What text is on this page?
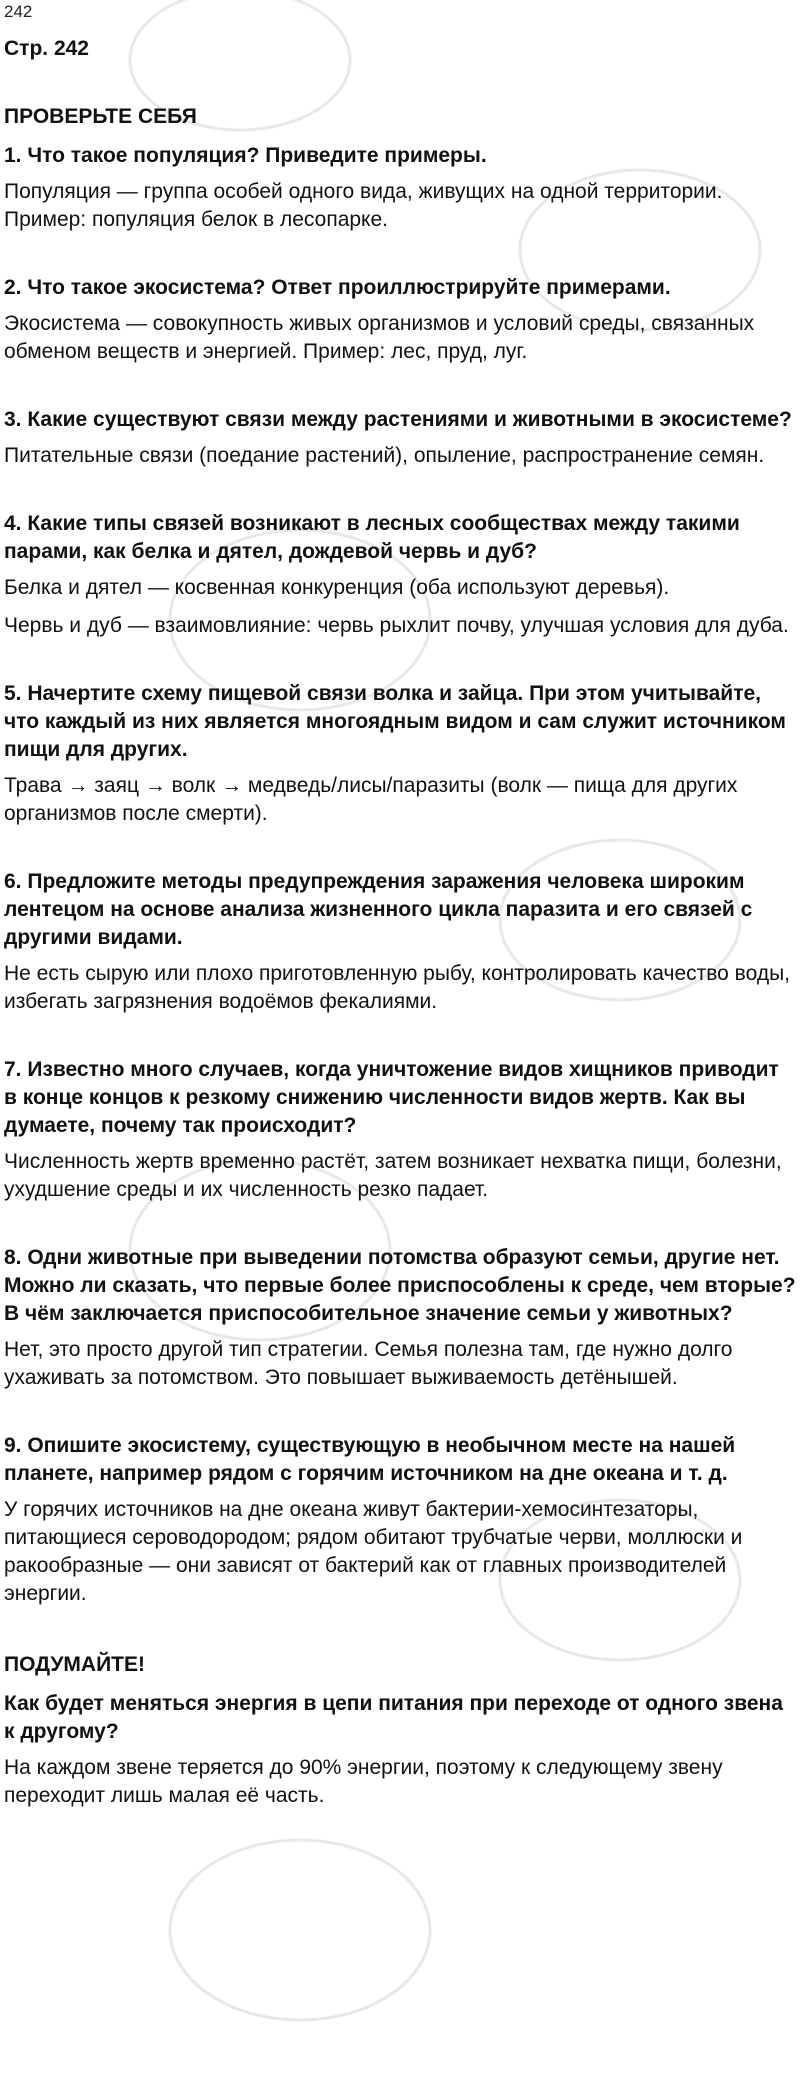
242

Стр. 242

ПРОВЕРЬТЕ СЕБЯ

1. Что такое популяция? Приведите примеры.

Популяция — группа особей одного вида, живущих на одной территории. Пример: популяция белок в лесопарке.

2. Что такое экосистема? Ответ проиллюстрируйте примерами.

Экосистема — совокупность живых организмов и условий среды, связанных обменом веществ и энергией. Пример: лес, пруд, луг.

3. Какие существуют связи между растениями и животными в экосистеме?

Питательные связи (поедание растений), опыление, распространение семян.

4. Какие типы связей возникают в лесных сообществах между такими парами, как белка и дятел, дождевой червь и дуб?

Белка и дятел — косвенная конкуренция (оба используют деревья).

Червь и дуб — взаимовлияние: червь рыхлит почву, улучшая условия для дуба.

5. Начертите схему пищевой связи волка и зайца. При этом учитывайте, что каждый из них является многоядным видом и сам служит источником пищи для других.

Трава → заяц → волк → медведь/лисы/паразиты (волк — пища для других организмов после смерти).

6. Предложите методы предупреждения заражения человека широким лентецом на основе анализа жизненного цикла паразита и его связей с другими видами.

Не есть сырую или плохо приготовленную рыбу, контролировать качество воды, избегать загрязнения водоёмов фекалиями.

7. Известно много случаев, когда уничтожение видов хищников приводит в конце концов к резкому снижению численности видов жертв. Как вы думаете, почему так происходит?

Численность жертв временно растёт, затем возникает нехватка пищи, болезни, ухудшение среды и их численность резко падает.

8. Одни животные при выведении потомства образуют семьи, другие нет. Можно ли сказать, что первые более приспособлены к среде, чем вторые? В чём заключается приспособительное значение семьи у животных?

Нет, это просто другой тип стратегии. Семья полезна там, где нужно долго ухаживать за потомством. Это повышает выживаемость детёнышей.

9. Опишите экосистему, существующую в необычном месте на нашей планете, например рядом с горячим источником на дне океана и т. д.

У горячих источников на дне океана живут бактерии-хемосинтезаторы, питающиеся сероводородом; рядом обитают трубчатые черви, моллюски и ракообразные — они зависят от бактерий как от главных производителей энергии.

ПОДУМАЙТЕ!

Как будет меняться энергия в цепи питания при переходе от одного звена к другому?

На каждом звене теряется до 90% энергии, поэтому к следующему звену переходит лишь малая её часть.
